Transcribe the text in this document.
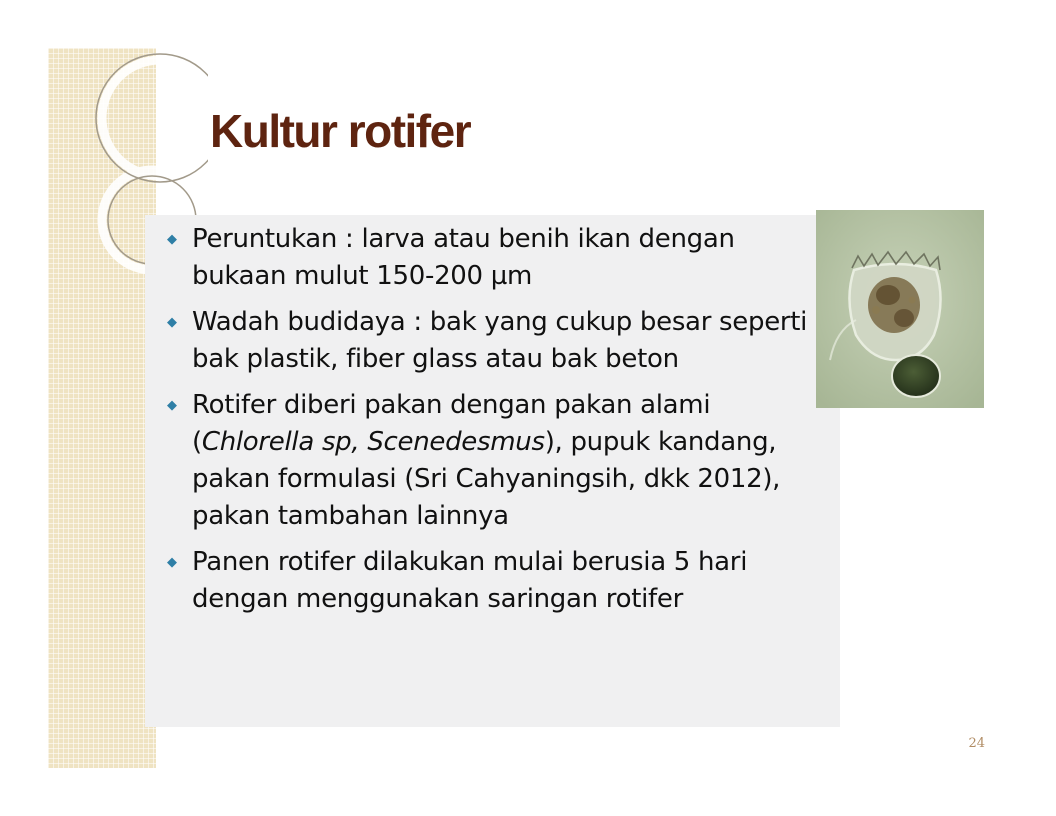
Kultur rotifer
◆ Peruntukan : larva atau benih ikan dengan bukaan mulut 150-200 µm
◆ Wadah budidaya : bak yang cukup besar seperti bak plastik, fiber glass atau bak beton
◆ Rotifer diberi pakan dengan pakan alami (Chlorella sp, Scenedesmus), pupuk kandang, pakan formulasi (Sri Cahyaningsih, dkk 2012), pakan tambahan lainnya
◆ Panen rotifer dilakukan mulai berusia 5 hari dengan menggunakan saringan rotifer
24
